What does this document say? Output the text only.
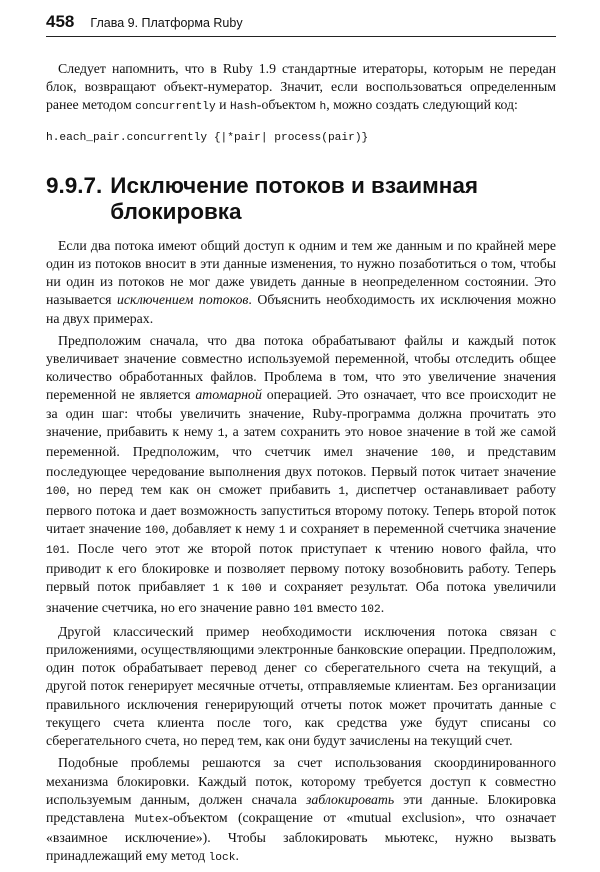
458 Глава 9. Платформа Ruby

Следует напомнить, что в Ruby 1.9 стандартные итераторы, которым не передан блок, возвращают объект-нумератор. Значит, если воспользоваться определенным ранее методом concurrently и Hash-объектом h, можно создать следующий код:

h.each_pair.concurrently {|*pair| process(pair)}
9.9.7. Исключение потоков и взаимная блокировка

Если два потока имеют общий доступ к одним и тем же данным и по крайней мере один из потоков вносит в эти данные изменения, то нужно позаботиться о том, чтобы ни один из потоков не мог даже увидеть данные в неопределенном состоянии. Это называется исключением потоков. Объяснить необходимость их исключения можно на двух примерах.

Предположим сначала, что два потока обрабатывают файлы и каждый поток увеличивает значение совместно используемой переменной, чтобы отследить общее количество обработанных файлов. Проблема в том, что это увеличение значения переменной не является атомарной операцией. Это означает, что все происходит не за один шаг: чтобы увеличить значение, Ruby-программа должна прочитать это значение, прибавить к нему 1, а затем сохранить это новое значение в той же самой переменной. Предположим, что счетчик имел значение 100, и представим последующее чередование выполнения двух потоков. Первый поток читает значение 100, но перед тем как он сможет прибавить 1, диспетчер останавливает работу первого потока и дает возможность запуститься второму потоку. Теперь второй поток читает значение 100, добавляет к нему 1 и сохраняет в переменной счетчика значение 101. После чего этот же второй поток приступает к чтению нового файла, что приводит к его блокировке и позволяет первому потоку возобновить работу. Теперь первый поток прибавляет 1 к 100 и сохраняет результат. Оба потока увеличили значение счетчика, но его значение равно 101 вместо 102.

Другой классический пример необходимости исключения потока связан с приложениями, осуществляющими электронные банковские операции. Предположим, один поток обрабатывает перевод денег со сберегательного счета на текущий, а другой поток генерирует месячные отчеты, отправляемые клиентам. Без организации правильного исключения генерирующий отчеты поток может прочитать данные с текущего счета клиента после того, как средства уже будут списаны со сберегательного счета, но перед тем, как они будут зачислены на текущий счет.

Подобные проблемы решаются за счет использования скоординированного механизма блокировки. Каждый поток, которому требуется доступ к совместно используемым данным, должен сначала заблокировать эти данные. Блокировка представлена Mutex-объектом (сокращение от «mutual exclusion», что означает «взаимное исключение»). Чтобы заблокировать мьютекс, нужно вызвать принадлежащий ему метод lock.
